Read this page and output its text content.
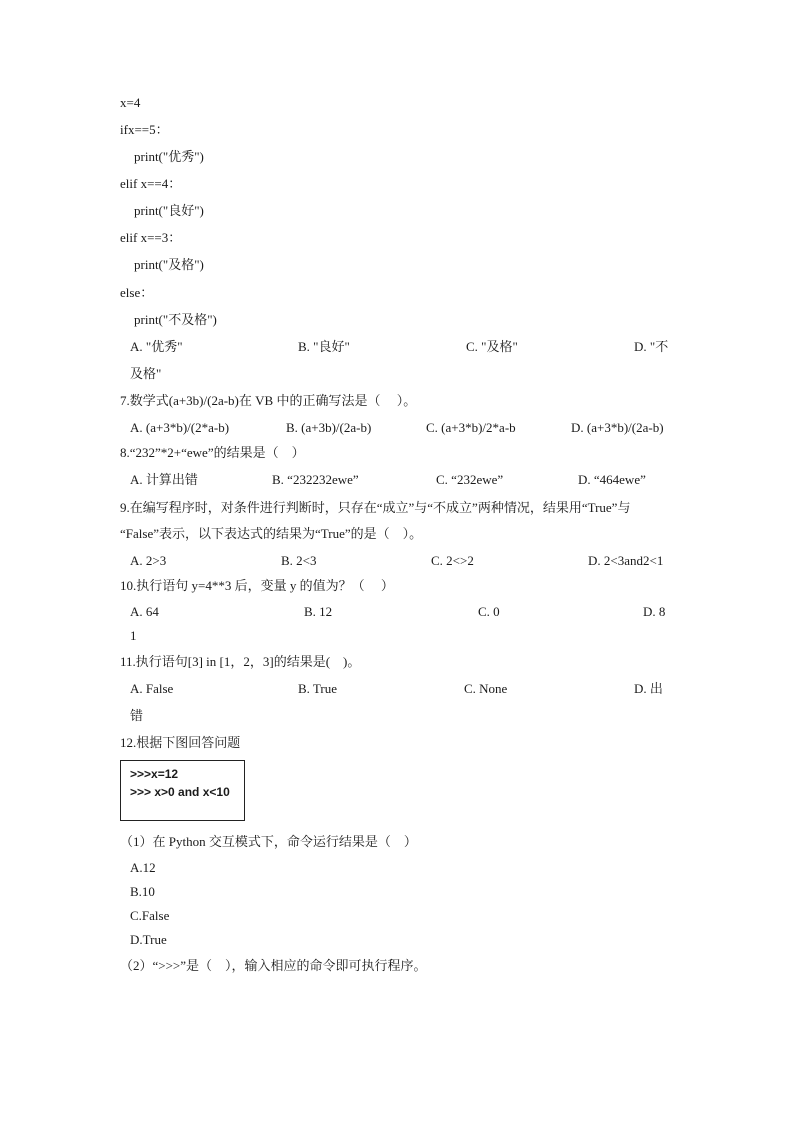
x=4
ifx==5：
print("优秀")
elif x==4：
print("良好")
elif x==3：
print("及格")
else：
print("不及格")
A. "优秀"	B. "良好"	C. "及格"	D. "不
及格"
7.数学式(a+3b)/(2a-b)在 VB 中的正确写法是（　 ）。
A. (a+3*b)/(2*a-b)	B. (a+3b)/(2a-b)	C. (a+3*b)/2*a-b	D. (a+3*b)/(2a-b)
8.“232”*2+“ewe”的结果是（　）
A. 计算出错	B. “232232ewe”	C. “232ewe”	D. “464ewe”
9.在编写程序时，对条件进行判断时，只存在“成立”与“不成立”两种情况，结果用“True”与
“False”表示，以下表达式的结果为“True”的是（　）。
A. 2>3	B. 2<3	C. 2<>2	D. 2<3and2<1
10.执行语句 y=4**3 后，变量 y 的值为？（　 ）
A. 64	B. 12	C. 0	D. 8
1
11.执行语句[3] in [1，2，3]的结果是(　)。
A. False	B. True	C. None	D. 出
错
12.根据下图回答问题
>>>x=12
>>> x>0 and x<10
（1）在 Python 交互模式下，命令运行结果是（　）
A.12
B.10
C.False
D.True
（2）“>>>”是（　），输入相应的命令即可执行程序。
